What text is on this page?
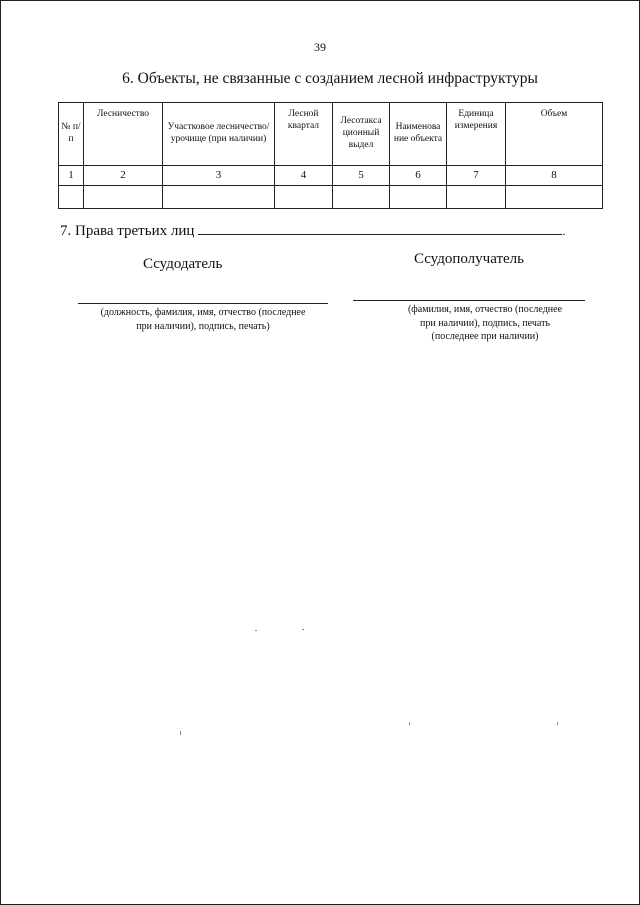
39
6. Объекты, не связанные с созданием лесной инфраструктуры
№ п/п	Лесничество	Участковое лесничество/урочище (при наличии)	Лесной квартал	Лесотакса ционный выдел	Наименова ние объекта	Единица измерения	Объем
1	2	3	4	5	6	7	8

7. Права третьих лиц	.
Ссудодатель	Ссудополучатель
(должность, фамилия, имя, отчество (последнее
при наличии), подпись, печать)
(фамилия, имя, отчество (последнее
при наличии), подпись, печать
(последнее при наличии)
